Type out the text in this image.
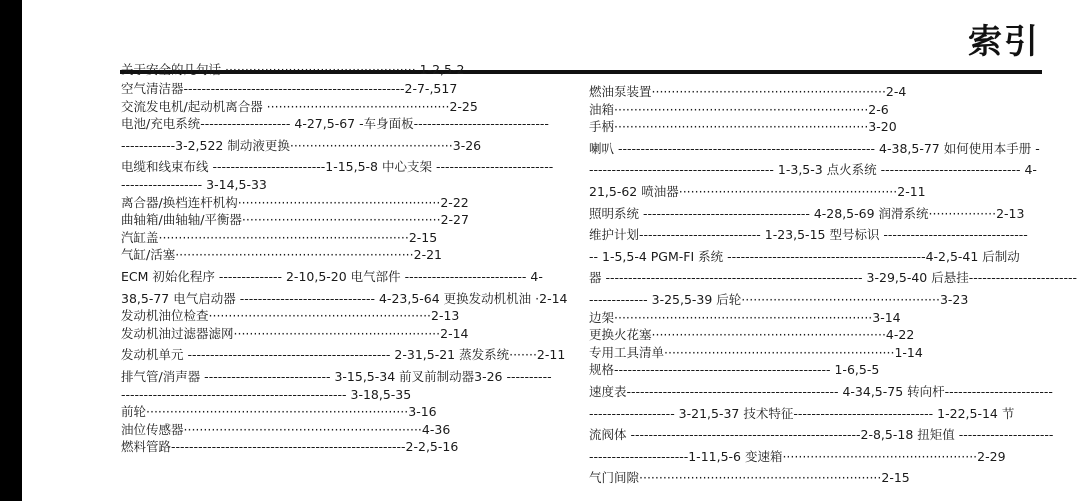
索引
关于安全的几句话 ················································ 1-2,5-2
空气清洁器-------------------------------------------------2-7-,517
交流发电机/起动机离合器 ··············································2-25
电池/充电系统-------------------- 4-27,5-67 -车身面板------------------------------
------------3-2,522 制动液更换·········································3-26
电缆和线束布线 -------------------------1-15,5-8 中心支架 --------------------------
------------------ 3-14,5-33
离合器/换档连杆机构···················································2-22
曲轴箱/曲轴轴/平衡器··················································2-27
汽缸盖·······························································2-15
气缸/活塞····························································2-21
ECM 初始化程序 -------------- 2-10,5-20 电气部件 --------------------------- 4-
38,5-77 电气启动器 ------------------------------ 4-23,5-64 更换发动机机油 ·2-14
发动机油位检查························································2-13
发动机油过滤器滤网····················································2-14
发动机单元 --------------------------------------------- 2-31,5-21 蒸发系统·······2-11
排气管/消声器 ---------------------------- 3-15,5-34 前叉前制动器3-26 ----------
-------------------------------------------------- 3-18,5-35
前轮··································································3-16
油位传感器····························································4-36
燃料管路----------------------------------------------------2-2,5-16
燃油泵装置···························································2-4
油箱································································2-6
手柄································································3-20
喇叭 --------------------------------------------------------- 4-38,5-77 如何使用本手册 -
----------------------------------------- 1-3,5-3 点火系统 ------------------------------- 4-
21,5-62 喷油器·······················································2-11
照明系统 ------------------------------------- 4-28,5-69 润滑系统·················2-13
维护计划--------------------------- 1-23,5-15 型号标识 --------------------------------
-- 1-5,5-4 PGM-FI 系统 --------------------------------------------4-2,5-41 后制动
器 --------------------------------------------------------- 3-29,5-40 后悬挂------------------------
------------- 3-25,5-39 后轮··················································3-23
边架·································································3-14
更换火花塞···························································4-22
专用工具清单··························································1-14
规格------------------------------------------------ 1-6,5-5
速度表----------------------------------------------- 4-34,5-75 转向杆------------------------
------------------- 3-21,5-37 技术特征------------------------------- 1-22,5-14 节
流阀体 ---------------------------------------------------2-8,5-18 扭矩值 ---------------------
----------------------1-11,5-6 变速箱·················································2-29
气门间隙·····························································2-15
